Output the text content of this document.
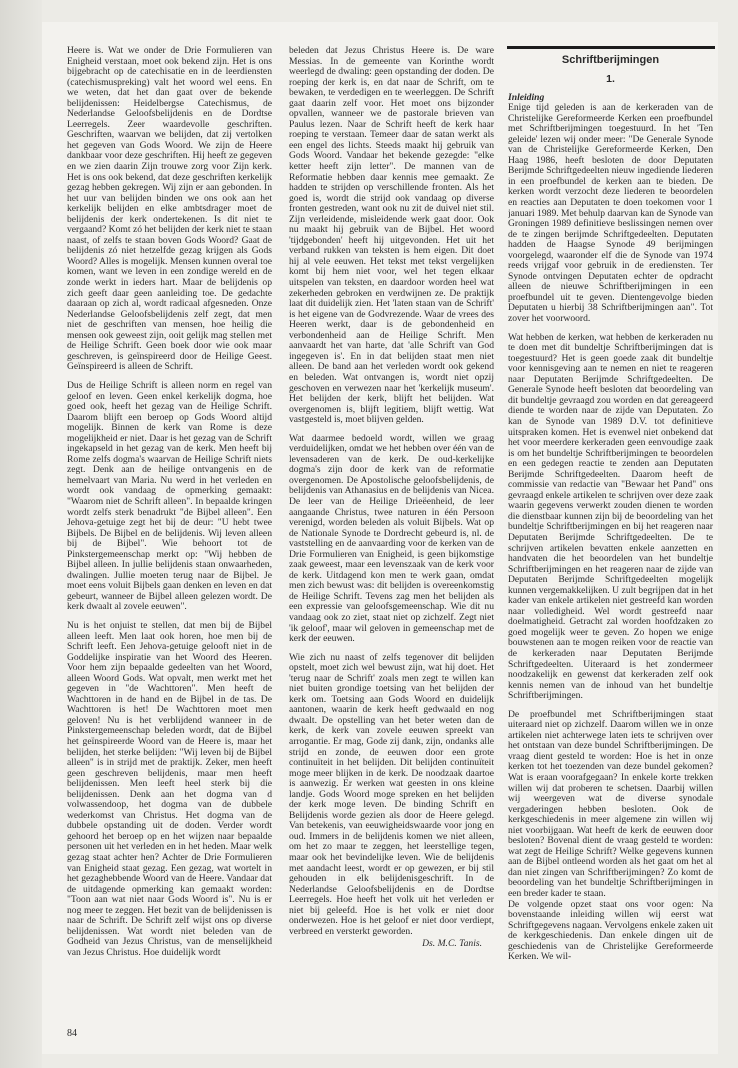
Heere is. Wat we onder de Drie Formulieren van Enigheid verstaan, moet ook bekend zijn. Het is ons bijgebracht op de catechisatie en in de leerdiensten (catechismuspreking) valt het woord wel eens. En we weten, dat het dan gaat over de bekende belijdenissen: Heidelbergse Catechismus, de Nederlandse Geloofsbelijdenis en de Dordtse Leerregels. Zeer waardevolle geschriften. Geschriften, waarvan we belijden, dat zij vertolken het gegeven van Gods Woord. We zijn de Heere dankbaar voor deze geschriften. Hij heeft ze gegeven en we zien daarin Zijn trouwe zorg voor Zijn kerk. Het is ons ook bekend, dat deze geschriften kerkelijk gezag hebben gekregen. Wij zijn er aan gebonden. In het uur van belijden binden we ons ook aan het kerkelijk belijden en elke ambtsdrager moet de belijdenis der kerk ondertekenen. Is dit niet te vergaand? Komt zó het belijden der kerk niet te staan naast, of zelfs te staan boven Gods Woord? Gaat de belijdenis zó niet hetzelfde gezag krijgen als Gods Woord? Alles is mogelijk. Mensen kunnen overal toe komen, want we leven in een zondige wereld en de zonde werkt in ieders hart. Maar de belijdenis op zich geeft daar geen aanleiding toe. De gedachte daaraan op zich al, wordt radicaal afgesneden. Onze Nederlandse Geloofsbelijdenis zelf zegt, dat men niet de geschriften van mensen, hoe heilig die mensen ook geweest zijn, ooit gelijk mag stellen met de Heilige Schrift. Geen boek door wie ook maar geschreven, is geïnspireerd door de Heilige Geest. Geïnspireerd is alleen de Schrift.

Dus de Heilige Schrift is alleen norm en regel van geloof en leven. Geen enkel kerkelijk dogma, hoe goed ook, heeft het gezag van de Heilige Schrift. Daarom blijft een beroep op Gods Woord altijd mogelijk. Binnen de kerk van Rome is deze mogelijkheid er niet. Daar is het gezag van de Schrift ingekapseld in het gezag van de kerk. Men heeft bij Rome zelfs dogma's waarvan de Heilige Schrift niets zegt. Denk aan de heilige ontvangenis en de hemelvaart van Maria. Nu werd in het verleden en wordt ook vandaag de opmerking gemaakt: "Waarom niet de Schrift alleen". In bepaalde kringen wordt zelfs sterk benadrukt "de Bijbel alleen". Een Jehova-getuige zegt het bij de deur: "U hebt twee Bijbels. De Bijbel en de belijdenis. Wij leven alleen bij de Bijbel". Wie behoort tot de Pinkstergemeenschap merkt op: "Wij hebben de Bijbel alleen. In jullie belijdenis staan onwaarheden, dwalingen. Jullie moeten terug naar de Bijbel. Je moet eens voluit Bijbels gaan denken en leven en dat gebeurt, wanneer de Bijbel alleen gelezen wordt. De kerk dwaalt al zovele eeuwen".

Nu is het onjuist te stellen, dat men bij de Bijbel alleen leeft. Men laat ook horen, hoe men bij de Schrift leeft. Een Jehova-getuige gelooft niet in de Goddelijke inspiratie van het Woord des Heeren. Voor hem zijn bepaalde gedeelten van het Woord, alleen Woord Gods. Wat opvalt, men werkt met het gegeven in "de Wachttoren". Men heeft de Wachttoren in de hand en de Bijbel in de tas. De Wachttoren is het! De Wachttoren moet men geloven! Nu is het verblijdend wanneer in de Pinkstergemeenschap beleden wordt, dat de Bijbel het geïnspireerde Woord van de Heere is, maar het belijden, het sterke belijden: "Wij leven bij de Bijbel alleen" is in strijd met de praktijk. Zeker, men heeft geen geschreven belijdenis, maar men heeft belijdenissen. Men leeft heel sterk bij die belijdenissen. Denk aan het dogma van d volwassendoop, het dogma van de dubbele wederkomst van Christus. Het dogma van de dubbele opstanding uit de doden. Verder wordt gehoord het beroep op en het wijzen naar bepaalde personen uit het verleden en in het heden. Maar welk gezag staat achter hen? Achter de Drie Formulieren van Enigheid staat gezag. Een gezag, wat wortelt in het gezaghebbende Woord van de Heere. Vandaar dat de uitdagende opmerking kan gemaakt worden: "Toon aan wat niet naar Gods Woord is". Nu is er nog meer te zeggen. Het bezit van de belijdenissen is naar de Schrift. De Schrift zelf wijst ons op diverse belijdenissen. Wat wordt niet beleden van de Godheid van Jezus Christus, van de menselijkheid van Jezus Christus. Hoe duidelijk wordt

beleden dat Jezus Christus Heere is. De ware Messias. In de gemeente van Korinthe wordt weerlegd de dwaling: geen opstanding der doden. De roeping der kerk is, en dat naar de Schrift, om te bewaken, te verdedigen en te weerleggen. De Schrift gaat daarin zelf voor. Het moet ons bijzonder opvallen, wanneer we de pastorale brieven van Paulus lezen. Naar de Schrift heeft de kerk haar roeping te verstaan. Temeer daar de satan werkt als een engel des lichts. Steeds maakt hij gebruik van Gods Woord. Vandaar het bekende gezegde: "elke ketter heeft zijn letter". De mannen van de Reformatie hebben daar kennis mee gemaakt. Ze hadden te strijden op verschillende fronten. Als het goed is, wordt die strijd ook vandaag op diverse fronten gestreden, want ook nu zit de duivel niet stil. Zijn verleidende, misleidende werk gaat door. Ook nu maakt hij gebruik van de Bijbel. Het woord 'tijdgebonden' heeft hij uitgevonden. Het uit het verband rukken van teksten is hem eigen. Dit doet hij al vele eeuwen. Het tekst met tekst vergelijken komt bij hem niet voor, wel het tegen elkaar uitspelen van teksten, en daardoor worden heel wat zekerheden gebroken en verdwijnen ze. De praktijk laat dit duidelijk zien. Het 'laten staan van de Schrift' is het eigene van de Godvrezende. Waar de vrees des Heeren werkt, daar is de gebondenheid en verbondenheid aan de Heilige Schrift. Men aanvaardt het van harte, dat 'alle Schrift van God ingegeven is'. En in dat belijden staat men niet alleen. De band aan het verleden wordt ook gekend en beleden. Wat ontvangen is, wordt niet opzij geschoven en verwezen naar het 'kerkelijk museum'. Het belijden der kerk, blijft het belijden. Wat overgenomen is, blijft legitiem, blijft wettig. Wat vastgesteld is, moet blijven gelden.

Wat daarmee bedoeld wordt, willen we graag verduidelijken, omdat we het hebben over één van de levensaderen van de kerk. De oud-kerkelijke dogma's zijn door de kerk van de reformatie overgenomen. De Apostolische geloofsbelijdenis, de belijdenis van Athanasius en de belijdenis van Nicea. De leer van de Heilige Drieëenheid, de leer aangaande Christus, twee naturen in één Persoon verenigd, worden beleden als voluit Bijbels. Wat op de Nationale Synode te Dordrecht gebeurd is, nl. de vaststelling en de aanvaarding voor de kerken van de Drie Formulieren van Enigheid, is geen bijkomstige zaak geweest, maar een levenszaak van de kerk voor de kerk. Uitdagend kon men te werk gaan, omdat men zich bewust was: dit belijden is overeenkomstig de Heilige Schrift. Tevens zag men het belijden als een expressie van geloofsgemeenschap. Wie dit nu vandaag ook zo ziet, staat niet op zichzelf. Zegt niet 'ik geloof', maar wil geloven in gemeenschap met de kerk der eeuwen.

Wie zich nu naast of zelfs tegenover dit belijden opstelt, moet zich wel bewust zijn, wat hij doet. Het 'terug naar de Schrift' zoals men zegt te willen kan niet buiten grondige toetsing van het belijden der kerk om. Toetsing aan Gods Woord en duidelijk aantonen, waarin de kerk heeft gedwaald en nog dwaalt. De opstelling van het beter weten dan de kerk, de kerk van zovele eeuwen spreekt van arrogantie. Er mag, Gode zij dank, zijn, ondanks alle strijd en zonde, de eeuwen door een grote continuïteit in het belijden. Dit belijden continuïteit moge meer blijken in de kerk. De noodzaak daartoe is aanwezig. Er werken wat geesten in ons kleine landje. Gods Woord moge spreken en het belijden der kerk moge leven. De binding Schrift en Belijdenis worde gezien als door de Heere gelegd. Van betekenis, van eeuwigheidswaarde voor jong en oud. Immers in de belijdenis komen we niet alleen, om het zo maar te zeggen, het leerstellige tegen, maar ook het bevindelijke leven. Wie de belijdenis met aandacht leest, wordt er op gewezen, er bij stil gehouden in elk belijdenisgeschrift. In de Nederlandse Geloofsbelijdenis en de Dordtse Leerregels. Hoe heeft het volk uit het verleden er niet bij geleefd. Hoe is het volk er niet door onderwezen. Hoe is het geloof er niet door verdiept, verbreed en versterkt geworden.

Ds. M.C. Tanis.

Schriftberijmingen

1.

Inleiding

Enige tijd geleden is aan de kerkeraden van de Christelijke Gereformeerde Kerken een proefbundel met Schriftberijmingen toegestuurd. In het 'Ten geleide' lezen wij onder meer: "De Generale Synode van de Christelijke Gereformeerde Kerken, Den Haag 1986, heeft besloten de door Deputaten Berijmde Schriftgedeelten nieuw ingediende liederen in een proefbundel de kerken aan te bieden. De kerken wordt verzocht deze liederen te beoordelen en reacties aan Deputaten te doen toekomen voor 1 januari 1989. Met behulp daarvan kan de Synode van Groningen 1989 definitieve beslissingen nemen over de te zingen berijmde Schriftgedeelten. Deputaten hadden de Haagse Synode 49 berijmingen voorgelegd, waaronder elf die de Synode van 1974 reeds vrijgaf voor gebruik in de erediensten. Ter Synode ontvingen Deputaten echter de opdracht alleen de nieuwe Schriftberijmingen in een proefbundel uit te geven. Dientengevolge bieden Deputaten u hierbij 38 Schriftberijmingen aan". Tot zover het voorwoord.

Wat hebben de kerken, wat hebben de kerkeraden nu te doen met dit bundeltje Schriftberijmingen dat is toegestuurd? Het is geen goede zaak dit bundeltje voor kennisgeving aan te nemen en niet te reageren naar Deputaten Berijmde Schriftgedeelten. De Generale Synode heeft besloten dat beoordeling van dit bundeltje gevraagd zou worden en dat gereageerd diende te worden naar de zijde van Deputaten. Zo kan de Synode van 1989 D.V. tot definitieve uitspraken komen. Het is evenwel niet onbekend dat het voor meerdere kerkeraden geen eenvoudige zaak is om het bundeltje Schriftberijmingen te beoordelen en een gedegen reactie te zenden aan Deputaten Berijmde Schriftgedeelten. Daarom heeft de commissie van redactie van "Bewaar het Pand" ons gevraagd enkele artikelen te schrijven over deze zaak waarin gegevens verwerkt zouden dienen te worden die dienstbaar kunnen zijn bij de beoordeling van het bundeltje Schriftberijmingen en bij het reageren naar Deputaten Berijmde Schriftgedeelten. De te schrijven artikelen bevatten enkele aanzetten en handvaten die het beoordelen van het bundeltje Schriftberijmingen en het reageren naar de zijde van Deputaten Berijmde Schriftgedeelten mogelijk kunnen vergemakkelijken. U zult begrijpen dat in het kader van enkele artikelen niet gestreefd kan worden naar volledigheid. Wel wordt gestreefd naar doelmatigheid. Getracht zal worden hoofdzaken zo goed mogelijk weer te geven. Zo hopen we enige bouwstenen aan te mogen reiken voor de reactie van de kerkeraden naar Deputaten Berijmde Schriftgedeelten. Uiteraard is het zondermeer noodzakelijk en gewenst dat kerkeraden zelf ook kennis nemen van de inhoud van het bundeltje Schriftberijmingen.

De proefbundel met Schriftberijmingen staat uiteraard niet op zichzelf. Daarom willen we in onze artikelen niet achterwege laten iets te schrijven over het ontstaan van deze bundel Schriftberijmingen. De vraag dient gesteld te worden: Hoe is het in onze kerken tot het toezenden van deze bundel gekomen? Wat is eraan voorafgegaan? In enkele korte trekken willen wij dat proberen te schetsen. Daarbij willen wij weergeven wat de diverse synodale vergaderingen hebben besloten. Ook de kerkgeschiedenis in meer algemene zin willen wij niet voorbijgaan. Wat heeft de kerk de eeuwen door besloten? Bovenal dient de vraag gesteld te worden: wat zegt de Heilige Schrift? Welke gegevens kunnen aan de Bijbel ontleend worden als het gaat om het al dan niet zingen van Schriftberijmingen? Zo komt de beoordeling van het bundeltje Schriftberijmingen in een breder kader te staan.

De volgende opzet staat ons voor ogen: Na bovenstaande inleiding willen wij eerst wat Schriftgegevens nagaan. Vervolgens enkele zaken uit de kerkgeschiedenis. Dan enkele dingen uit de geschiedenis van de Christelijke Gereformeerde Kerken. We wil-

84
